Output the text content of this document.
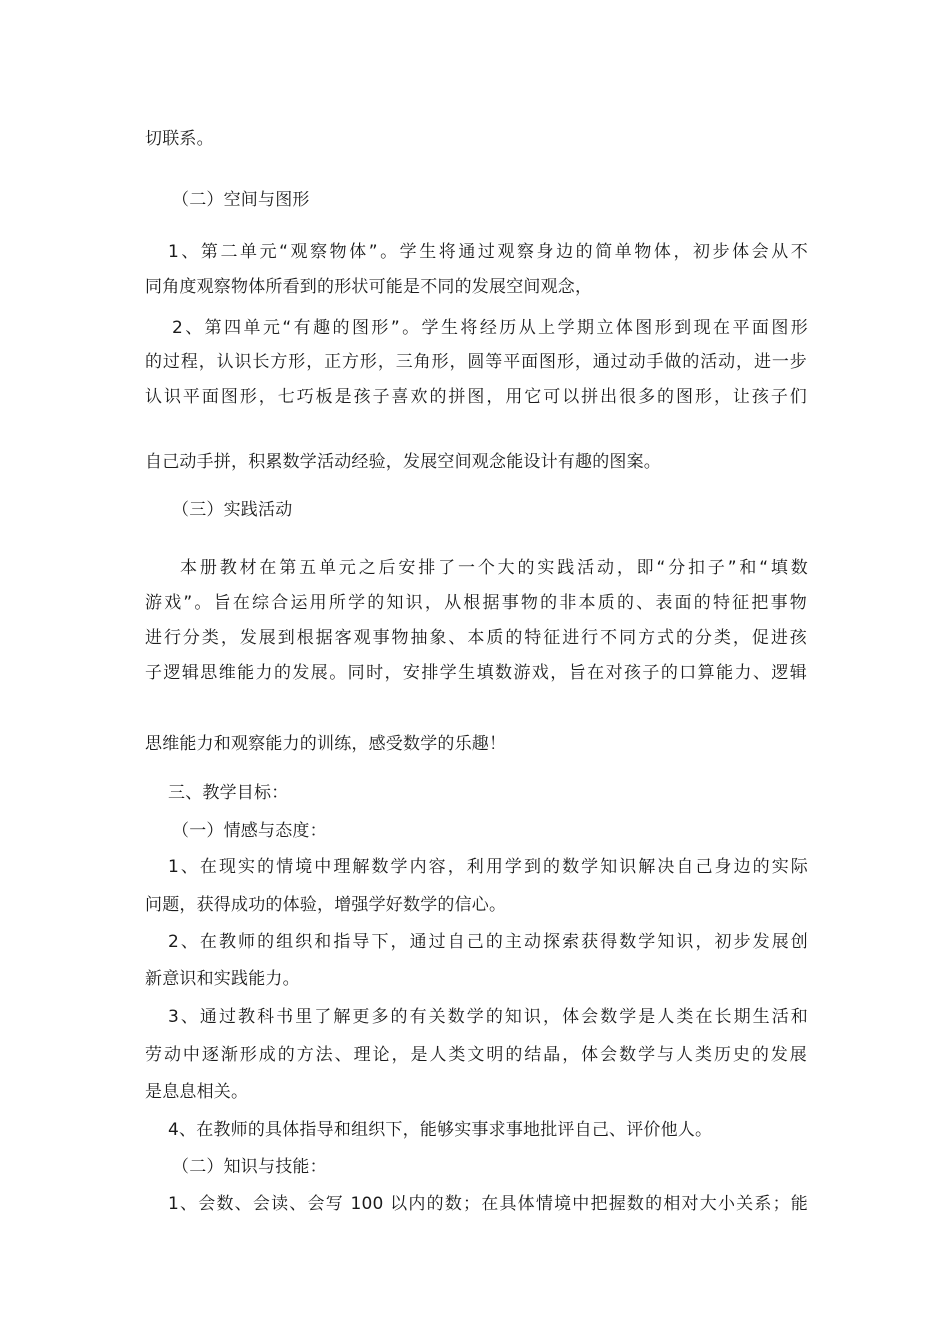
切联系。
（二）空间与图形
1、第二单元“观察物体”。学生将通过观察身边的简单物体，初步体会从不
同角度观察物体所看到的形状可能是不同的发展空间观念，
2、第四单元“有趣的图形”。学生将经历从上学期立体图形到现在平面图形
的过程，认识长方形，正方形，三角形，圆等平面图形，通过动手做的活动，进一步
认识平面图形，七巧板是孩子喜欢的拼图，用它可以拼出很多的图形，让孩子们
自己动手拼，积累数学活动经验，发展空间观念能设计有趣的图案。
（三）实践活动
本册教材在第五单元之后安排了一个大的实践活动，即“分扣子”和“填数
游戏”。旨在综合运用所学的知识，从根据事物的非本质的、表面的特征把事物
进行分类，发展到根据客观事物抽象、本质的特征进行不同方式的分类，促进孩
子逻辑思维能力的发展。同时，安排学生填数游戏，旨在对孩子的口算能力、逻辑
思维能力和观察能力的训练，感受数学的乐趣！
三、教学目标：
（一）情感与态度：
1、在现实的情境中理解数学内容，利用学到的数学知识解决自己身边的实际
问题，获得成功的体验，增强学好数学的信心。
2、在教师的组织和指导下，通过自己的主动探索获得数学知识，初步发展创
新意识和实践能力。
3、通过教科书里了解更多的有关数学的知识，体会数学是人类在长期生活和
劳动中逐渐形成的方法、理论，是人类文明的结晶，体会数学与人类历史的发展
是息息相关。
4、在教师的具体指导和组织下，能够实事求事地批评自己、评价他人。
（二）知识与技能：
1、会数、会读、会写 100 以内的数；在具体情境中把握数的相对大小关系；能
